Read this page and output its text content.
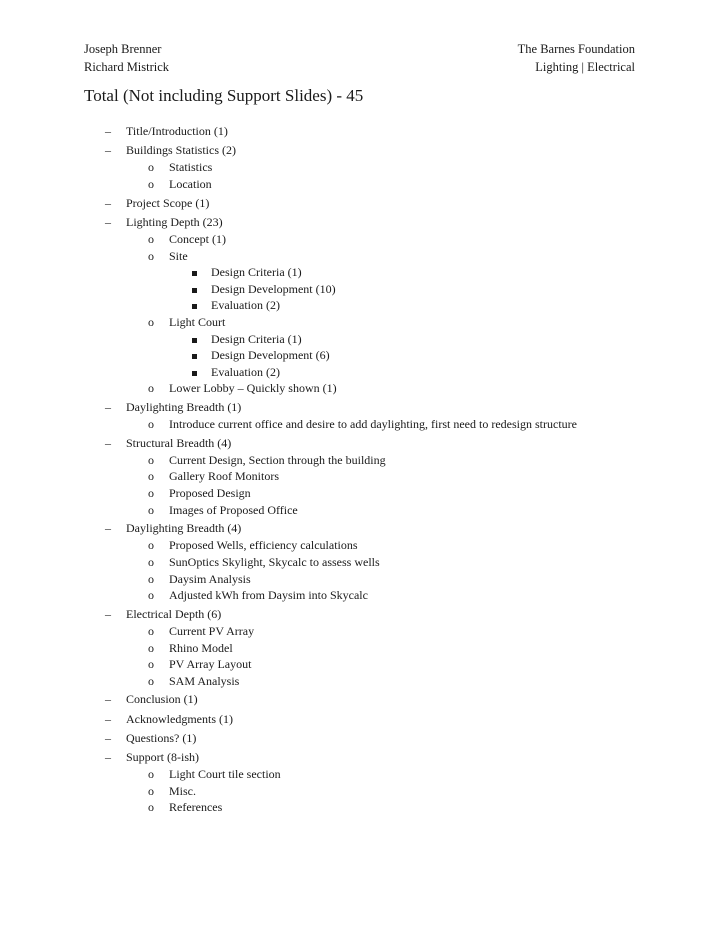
Joseph Brenner
Richard Mistrick
The Barnes Foundation
Lighting | Electrical
Total (Not including Support Slides) - 45
–	Title/Introduction (1)
–	Buildings Statistics (2)
o	Statistics
o	Location
–	Project Scope (1)
–	Lighting Depth (23)
o	Concept (1)
o	Site
Design Criteria (1)
Design Development (10)
Evaluation (2)
o	Light Court
Design Criteria (1)
Design Development (6)
Evaluation (2)
o	Lower Lobby – Quickly shown (1)
–	Daylighting Breadth (1)
o	Introduce current office and desire to add daylighting, first need to redesign structure
–	Structural Breadth (4)
o	Current Design, Section through the building
o	Gallery Roof Monitors
o	Proposed Design
o	Images of Proposed Office
–	Daylighting Breadth (4)
o	Proposed Wells, efficiency calculations
o	SunOptics Skylight, Skycalc to assess wells
o	Daysim Analysis
o	Adjusted kWh from Daysim into Skycalc
–	Electrical Depth (6)
o	Current PV Array
o	Rhino Model
o	PV Array Layout
o	SAM Analysis
–	Conclusion (1)
–	Acknowledgments (1)
–	Questions? (1)
–	Support (8-ish)
o	Light Court tile section
o	Misc.
o	References
